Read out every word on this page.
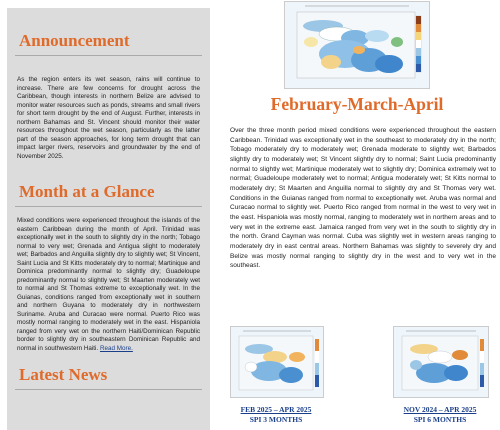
Announcement

As the region enters its wet season, rains will continue to increase. There are few concerns for drought across the Caribbean, though interests in northern Belize are advised to monitor water resources such as ponds, streams and small rivers for short term drought by the end of August. Further, interests in northern Bahamas and St. Vincent should monitor their water resources throughout the wet season, particularly as the latter part of the season approaches, for long term drought that can impact larger rivers, reservoirs and groundwater by the end of November 2025.

Month at a Glance

Mixed conditions were experienced throughout the islands of the eastern Caribbean during the month of April. Trinidad was exceptionally wet in the south to slightly dry in the north; Tobago normal to very wet; Grenada and Antigua slight to moderately wet; Barbados and Anguilla slightly dry to slightly wet; St Vincent, Saint Lucia and St Kitts moderately dry to normal; Martinique and Dominica predominantly normal to slightly dry; Guadeloupe predominantly normal to slightly wet; St Maarten moderately wet to normal and St Thomas extreme to exceptionally wet. In the Guianas, conditions ranged from exceptionally wet in southern and northern Guyana to moderately dry in northwestern Suriname. Aruba and Curacao were normal. Puerto Rico was mostly normal ranging to moderately wet in the east. Hispaniola ranged from very wet on the northern Haiti/Dominican Republic border to slightly dry in southeastern Dominican Republic and normal in southwestern Haiti. Read More.

Latest News
February-March-April

Over the three month period mixed conditions were experienced throughout the eastern Caribbean. Trinidad was exceptionally wet in the southeast to moderately dry in the north; Tobago moderately dry to moderately wet; Grenada moderate to slightly wet; Barbados slightly dry to moderately wet; St Vincent slightly dry to normal; Saint Lucia predominantly normal to slightly wet; Martinique moderately wet to slightly dry; Dominica extremely wet to normal; Guadeloupe moderately wet to normal; Antigua moderately wet; St Kitts normal to moderately dry; St Maarten and Anguilla normal to slightly dry and St Thomas very wet. Conditions in the Guianas ranged from normal to exceptionally wet. Aruba was normal and Curacao normal to slightly wet. Puerto Rico ranged from normal in the west to very wet in the east. Hispaniola was mostly normal, ranging to moderately wet in northern areas and to very wet in the extreme east. Jamaica ranged from very wet in the south to slightly dry in the north. Grand Cayman was normal. Cuba was slightly wet in western areas ranging to moderately dry in east central areas. Northern Bahamas was slightly to severely dry and Belize was mostly normal ranging to slightly dry in the west and to very wet in the southeast.

FEB 2025 – APR 2025
SPI 3 MONTHS
NOV 2024 – APR 2025
SPI 6 MONTHS
